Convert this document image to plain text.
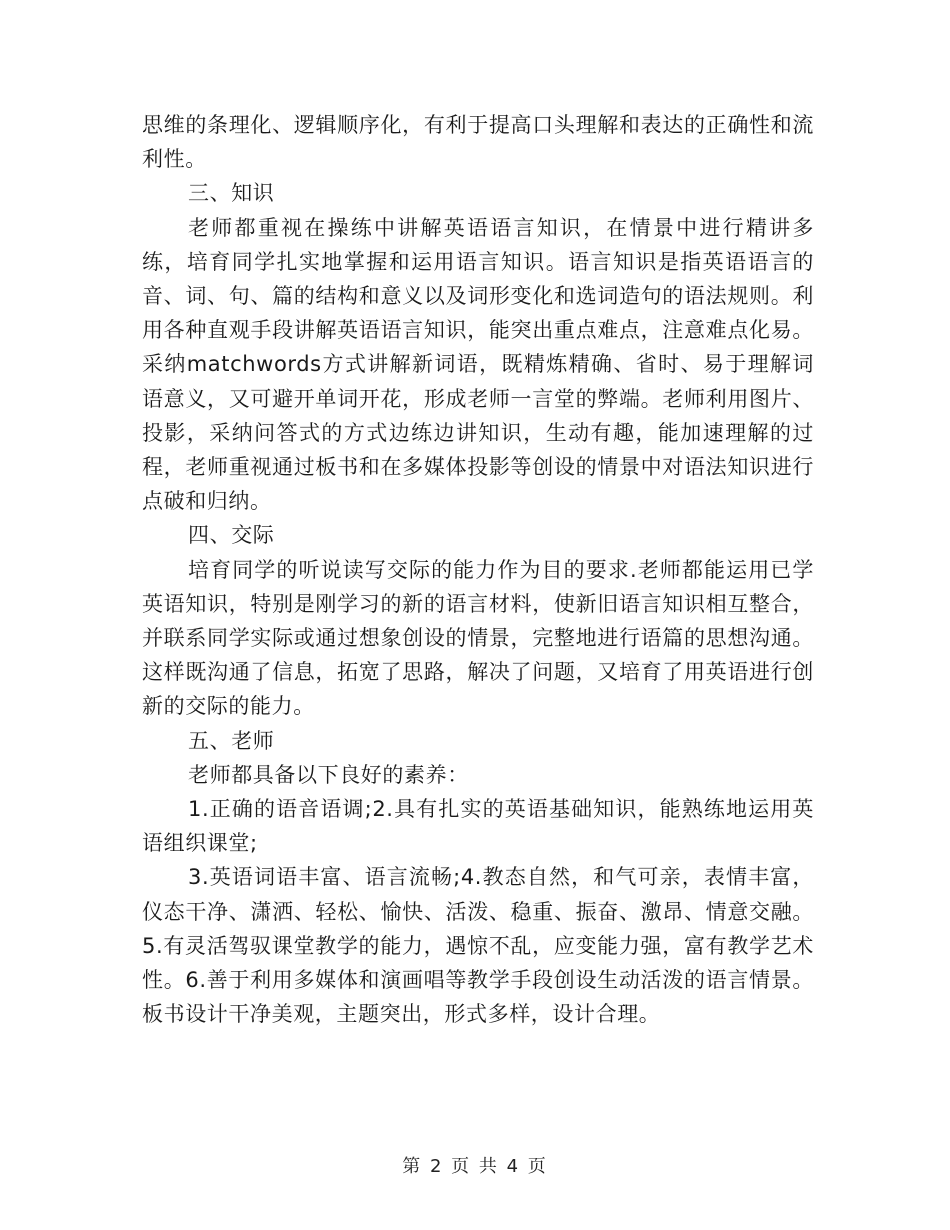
思维的条理化、逻辑顺序化，有利于提高口头理解和表达的正确性和流利性。

三、知识

老师都重视在操练中讲解英语语言知识，在情景中进行精讲多练，培育同学扎实地掌握和运用语言知识。语言知识是指英语语言的音、词、句、篇的结构和意义以及词形变化和选词造句的语法规则。利用各种直观手段讲解英语语言知识，能突出重点难点，注意难点化易。采纳matchwords方式讲解新词语，既精炼精确、省时、易于理解词语意义，又可避开单词开花，形成老师一言堂的弊端。老师利用图片、投影，采纳问答式的方式边练边讲知识，生动有趣，能加速理解的过程，老师重视通过板书和在多媒体投影等创设的情景中对语法知识进行点破和归纳。

四、交际

培育同学的听说读写交际的能力作为目的要求.老师都能运用已学英语知识，特别是刚学习的新的语言材料，使新旧语言知识相互整合，并联系同学实际或通过想象创设的情景，完整地进行语篇的思想沟通。这样既沟通了信息，拓宽了思路，解决了问题，又培育了用英语进行创新的交际的能力。

五、老师

老师都具备以下良好的素养：

1.正确的语音语调;2.具有扎实的英语基础知识，能熟练地运用英语组织课堂;

3.英语词语丰富、语言流畅;4.教态自然，和气可亲，表情丰富，仪态干净、潇洒、轻松、愉快、活泼、稳重、振奋、激昂、情意交融。5.有灵活驾驭课堂教学的能力，遇惊不乱，应变能力强，富有教学艺术性。6.善于利用多媒体和演画唱等教学手段创设生动活泼的语言情景。板书设计干净美观，主题突出，形式多样，设计合理。

第 2 页 共 4 页
